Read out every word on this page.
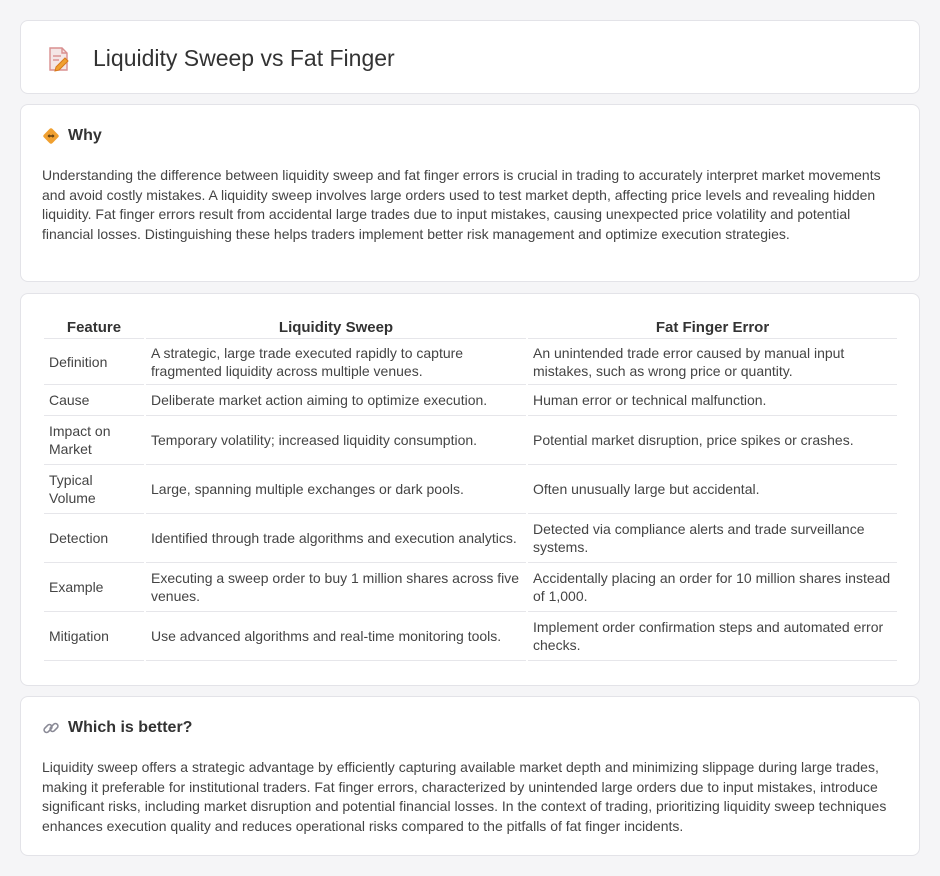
Liquidity Sweep vs Fat Finger
Why

Understanding the difference between liquidity sweep and fat finger errors is crucial in trading to accurately interpret market movements and avoid costly mistakes. A liquidity sweep involves large orders used to test market depth, affecting price levels and revealing hidden liquidity. Fat finger errors result from accidental large trades due to input mistakes, causing unexpected price volatility and potential financial losses. Distinguishing these helps traders implement better risk management and optimize execution strategies.

Feature	Liquidity Sweep	Fat Finger Error
Definition	A strategic, large trade executed rapidly to capture fragmented liquidity across multiple venues.	An unintended trade error caused by manual input mistakes, such as wrong price or quantity.
Cause	Deliberate market action aiming to optimize execution.	Human error or technical malfunction.
Impact on Market	Temporary volatility; increased liquidity consumption.	Potential market disruption, price spikes or crashes.
Typical Volume	Large, spanning multiple exchanges or dark pools.	Often unusually large but accidental.
Detection	Identified through trade algorithms and execution analytics.	Detected via compliance alerts and trade surveillance systems.
Example	Executing a sweep order to buy 1 million shares across five venues.	Accidentally placing an order for 10 million shares instead of 1,000.
Mitigation	Use advanced algorithms and real-time monitoring tools.	Implement order confirmation steps and automated error checks.
Which is better?

Liquidity sweep offers a strategic advantage by efficiently capturing available market depth and minimizing slippage during large trades, making it preferable for institutional traders. Fat finger errors, characterized by unintended large orders due to input mistakes, introduce significant risks, including market disruption and potential financial losses. In the context of trading, prioritizing liquidity sweep techniques enhances execution quality and reduces operational risks compared to the pitfalls of fat finger incidents.
